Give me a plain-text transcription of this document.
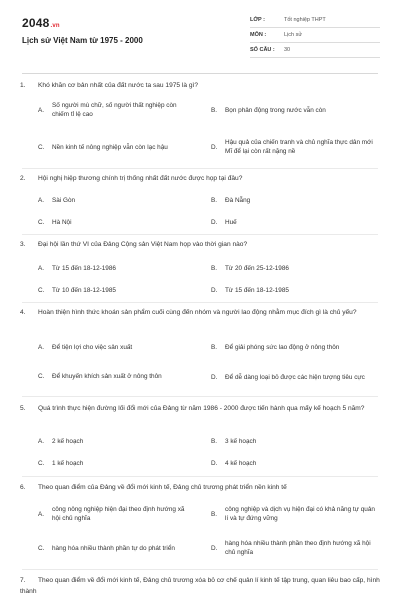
2048.vn
Lịch sử Việt Nam từ 1975 - 2000
LỚP :	Tốt nghiệp THPT
MÔN :	Lịch sử
SỐ CÂU :	30
1. Khó khăn cơ bản nhất của đất nước ta sau 1975 là gì?
A.
Số người mù chữ, số người thất nghiệp còn chiếm tỉ lệ cao
B.	Bọn phản động trong nước vẫn còn
C.	Nền kinh tế nông nghiệp vẫn còn lạc hậu	D.
Hậu quả của chiến tranh và chủ nghĩa thực dân mới Mĩ để lại còn rất nặng nề
2. Hội nghị hiệp thương chính trị thống nhất đất nước được họp tại đâu?
A.	Sài Gòn	B.	Đà Nẵng
C.	Hà Nội	D.	Huế
3. Đại hội lần thứ VI của Đảng Cộng sản Việt Nam họp vào thời gian nào?
A.	Từ 15 đến 18-12-1986	B.	Từ 20 đến 25-12-1986
C.	Từ 10 đến 18-12-1985	D.	Từ 15 đến 18-12-1985
4. Hoàn thiện hình thức khoán sản phẩm cuối cùng đến nhóm và người lao động nhằm mục đích gì là chủ yếu?
A.	Để tiện lợi cho việc sản xuất	B.	Để giải phóng sức lao động ở nông thôn
C.	Để khuyến khích sản xuất ở nông thôn	D.	Để dễ dàng loại bỏ được các hiện tượng tiêu cực
5. Quá trình thực hiện đường lối đổi mới của Đảng từ năm 1986 - 2000 được tiến hành qua mấy kế hoạch 5 năm?
A.	2 kế hoạch	B.	3 kế hoạch
C.	1 kế hoạch	D.	4 kế hoạch
6. Theo quan điểm của Đảng về đổi mới kinh tế, Đảng chủ trương phát triển nền kinh tế
A.
công nông nghiệp hiện đại theo định hướng xã hội chủ nghĩa
B.
công nghiệp và dịch vụ hiện đại có khả năng tự quản lí và tự đứng vững
C.	hàng hóa nhiều thành phần tự do phát triển	D.
hàng hóa nhiều thành phần theo định hướng xã hội chủ nghĩa
7. Theo quan điểm về đổi mới kinh tế, Đảng chủ trương xóa bỏ cơ chế quản lí kinh tế tập trung, quan liêu bao cấp, hình thành
